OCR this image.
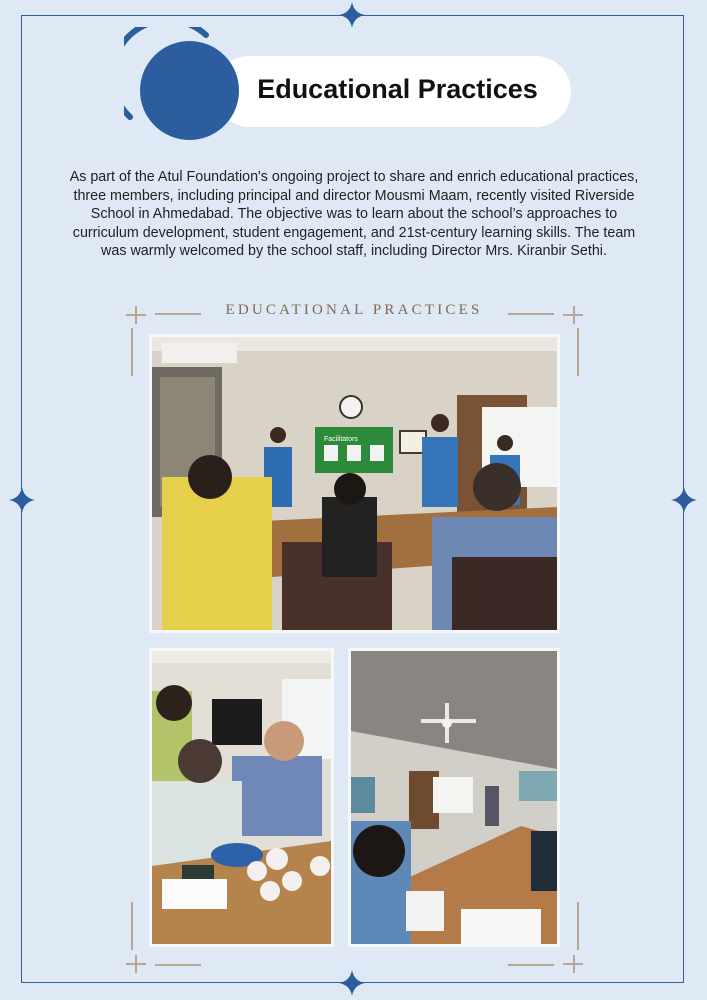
Educational Practices

As part of the Atul Foundation's ongoing project to share and enrich educational practices, three members, including principal and director Mousmi Maam, recently visited Riverside School in Ahmedabad. The objective was to learn about the school’s approaches to curriculum development, student engagement, and 21st-century learning skills. The team was warmly welcomed by the school staff, including Director Mrs. Kiranbir Sethi.

EDUCATIONAL PRACTICES
Facilitators
